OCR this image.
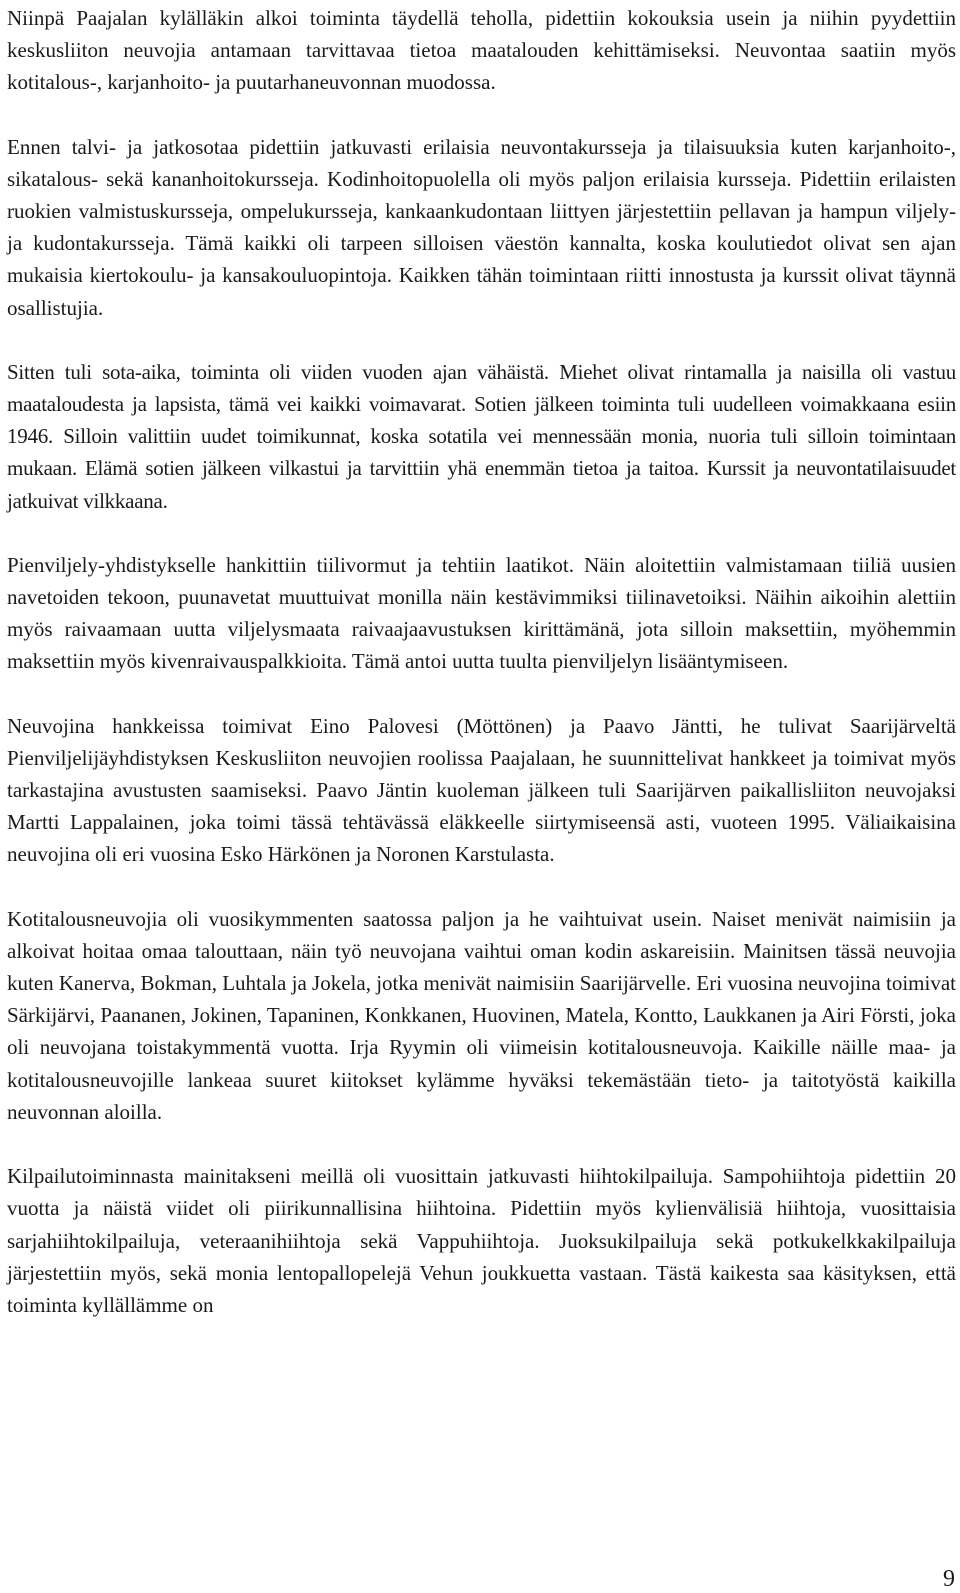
Niinpä Paajalan kylälläkin alkoi toiminta täydellä teholla, pidettiin kokouksia usein ja niihin pyydettiin keskusliiton neuvojia antamaan tarvittavaa tietoa maatalouden kehittämiseksi. Neuvontaa saatiin myös kotitalous-, karjanhoito- ja puutarhaneuvonnan muodossa.

Ennen talvi- ja jatkosotaa pidettiin jatkuvasti erilaisia neuvontakursseja ja tilaisuuksia kuten karjanhoito-, sikatalous- sekä kananhoitokursseja. Kodinhoitopuolella oli myös paljon erilaisia kursseja. Pidettiin erilaisten ruokien valmistuskursseja, ompelukursseja, kankaankudontaan liittyen järjestettiin pellavan ja hampun viljely- ja kudontakursseja. Tämä kaikki oli tarpeen silloisen väestön kannalta, koska koulutiedot olivat sen ajan mukaisia kiertokoulu- ja kansakouluopintoja. Kaikken tähän toimintaan riitti innostusta ja kurssit olivat täynnä osallistujia.

Sitten tuli sota-aika, toiminta oli viiden vuoden ajan vähäistä. Miehet olivat rintamalla ja naisilla oli vastuu maataloudesta ja lapsista, tämä vei kaikki voimavarat. Sotien jälkeen toiminta tuli uudelleen voimakkaana esiin 1946. Silloin valittiin uudet toimikunnat, koska sotatila vei mennessään monia, nuoria tuli silloin toimintaan mukaan. Elämä sotien jälkeen vilkastui ja tarvittiin yhä enemmän tietoa ja taitoa. Kurssit ja neuvontatilaisuudet jatkuivat vilkkaana.

Pienviljely-yhdistykselle hankittiin tiilivormut ja tehtiin laatikot. Näin aloitettiin valmistamaan tiiliä uusien navetoiden tekoon, puunavetat muuttuivat monilla näin kestävimmiksi tiilinavetoiksi. Näihin aikoihin alettiin myös raivaamaan uutta viljelysmaata raivaajaavustuksen kirittämänä, jota silloin maksettiin, myöhemmin maksettiin myös kivenraivauspalkkioita. Tämä antoi uutta tuulta pienviljelyn lisääntymiseen.

Neuvojina hankkeissa toimivat Eino Palovesi (Möttönen) ja Paavo Jäntti, he tulivat Saarijärveltä Pienviljelijäyhdistyksen Keskusliiton neuvojien roolissa Paajalaan, he suunnittelivat hankkeet ja toimivat myös tarkastajina avustusten saamiseksi. Paavo Jäntin kuoleman jälkeen tuli Saarijärven paikallisliiton neuvojaksi Martti Lappalainen, joka toimi tässä tehtävässä eläkkeelle siirtymiseensä asti, vuoteen 1995. Väliaikaisina neuvojina oli eri vuosina Esko Härkönen ja Noronen Karstulasta.

Kotitalousneuvojia oli vuosikymmenten saatossa paljon ja he vaihtuivat usein. Naiset menivät naimisiin ja alkoivat hoitaa omaa talouttaan, näin työ neuvojana vaihtui oman kodin askareisiin. Mainitsen tässä neuvojia kuten Kanerva, Bokman, Luhtala ja Jokela, jotka menivät naimisiin Saarijärvelle. Eri vuosina neuvojina toimivat Särkijärvi, Paananen, Jokinen, Tapaninen, Konkkanen, Huovinen, Matela, Kontto, Laukkanen ja Airi Försti, joka oli neuvojana toistakymmentä vuotta. Irja Ryymin oli viimeisin kotitalousneuvoja. Kaikille näille maa- ja kotitalousneuvojille lankeaa suuret kiitokset kylämme hyväksi tekemästään tieto- ja taitotyöstä kaikilla neuvonnan aloilla.

Kilpailutoiminnasta mainitakseni meillä oli vuosittain jatkuvasti hiihtokilpailuja. Sampohiihtoja pidettiin 20 vuotta ja näistä viidet oli piirikunnallisina hiihtoina. Pidettiin myös kylienvälisiä hiihtoja, vuosittaisia sarjahiihtokilpailuja, veteraanihiihtoja sekä Vappuhiihtoja. Juoksukilpailuja sekä potkukelkkakilpailuja järjestettiin myös, sekä monia lentopallopelejä Vehun joukkuetta vastaan. Tästä kaikesta saa käsityksen, että toiminta kyllällämme on

9
